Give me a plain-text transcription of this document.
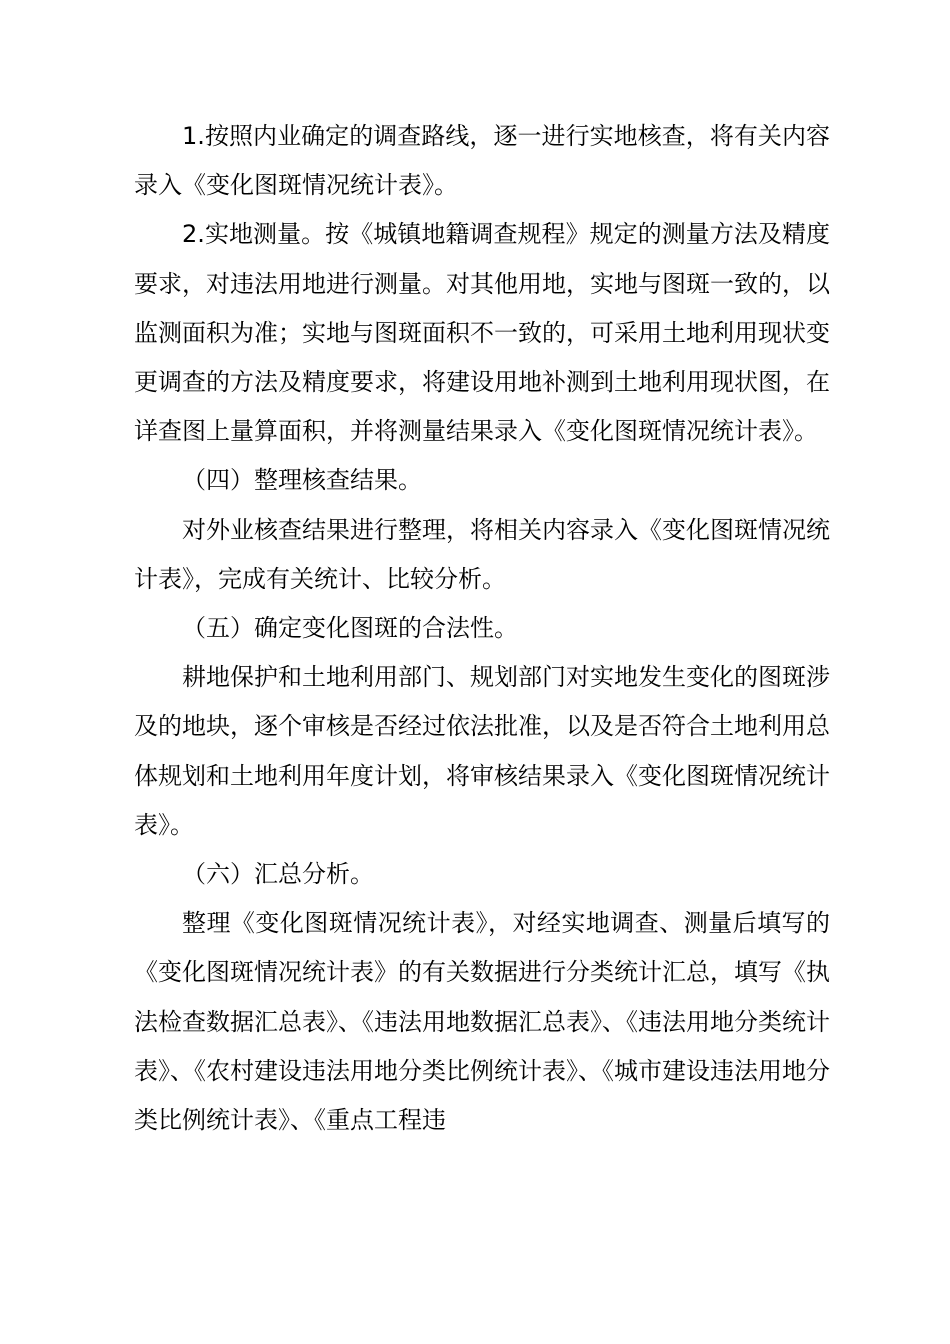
1.按照内业确定的调查路线，逐一进行实地核查，将有关内容录入《变化图斑情况统计表》。

2.实地测量。按《城镇地籍调查规程》规定的测量方法及精度要求，对违法用地进行测量。对其他用地，实地与图斑一致的，以监测面积为准；实地与图斑面积不一致的，可采用土地利用现状变更调查的方法及精度要求，将建设用地补测到土地利用现状图，在详查图上量算面积，并将测量结果录入《变化图斑情况统计表》。

（四）整理核查结果。

对外业核查结果进行整理，将相关内容录入《变化图斑情况统计表》，完成有关统计、比较分析。

（五）确定变化图斑的合法性。

耕地保护和土地利用部门、规划部门对实地发生变化的图斑涉及的地块，逐个审核是否经过依法批准，以及是否符合土地利用总体规划和土地利用年度计划，将审核结果录入《变化图斑情况统计表》。

（六）汇总分析。

整理《变化图斑情况统计表》，对经实地调查、测量后填写的《变化图斑情况统计表》的有关数据进行分类统计汇总，填写《执法检查数据汇总表》、《违法用地数据汇总表》、《违法用地分类统计表》、《农村建设违法用地分类比例统计表》、《城市建设违法用地分类比例统计表》、《重点工程违
